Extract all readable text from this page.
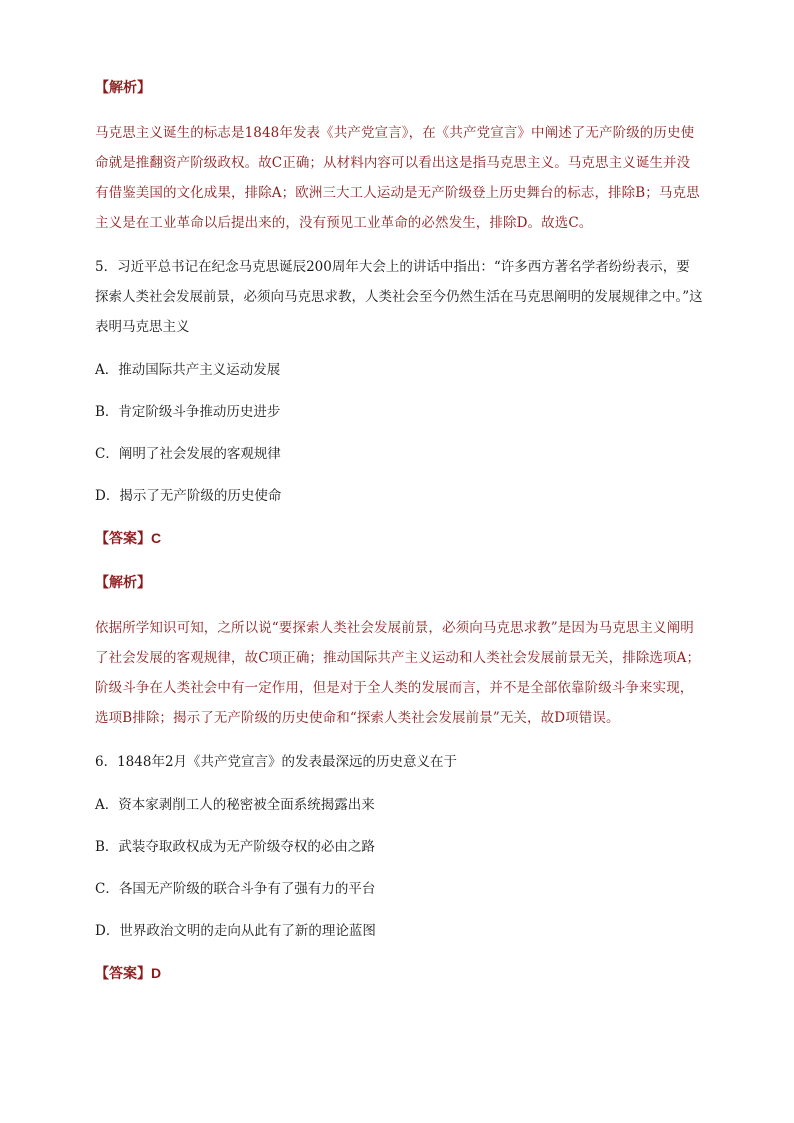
【解析】
马克思主义诞生的标志是1848年发表《共产党宣言》，在《共产党宣言》中阐述了无产阶级的历史使命就是推翻资产阶级政权。故C正确；从材料内容可以看出这是指马克思主义。马克思主义诞生并没有借鉴美国的文化成果，排除A；欧洲三大工人运动是无产阶级登上历史舞台的标志，排除B；马克思主义是在工业革命以后提出来的，没有预见工业革命的必然发生，排除D。故选C。
5．习近平总书记在纪念马克思诞辰200周年大会上的讲话中指出：“许多西方著名学者纷纷表示，要探索人类社会发展前景，必须向马克思求教，人类社会至今仍然生活在马克思阐明的发展规律之中。”这表明马克思主义
A．推动国际共产主义运动发展
B．肯定阶级斗争推动历史进步
C．阐明了社会发展的客观规律
D．揭示了无产阶级的历史使命
【答案】C
【解析】
依据所学知识可知，之所以说“要探索人类社会发展前景，必须向马克思求教”是因为马克思主义阐明了社会发展的客观规律，故C项正确；推动国际共产主义运动和人类社会发展前景无关，排除选项A；阶级斗争在人类社会中有一定作用，但是对于全人类的发展而言，并不是全部依靠阶级斗争来实现，选项B排除；揭示了无产阶级的历史使命和“探索人类社会发展前景”无关，故D项错误。
6．1848年2月《共产党宣言》的发表最深远的历史意义在于
A．资本家剥削工人的秘密被全面系统揭露出来
B．武装夺取政权成为无产阶级夺权的必由之路
C．各国无产阶级的联合斗争有了强有力的平台
D．世界政治文明的走向从此有了新的理论蓝图
【答案】D
